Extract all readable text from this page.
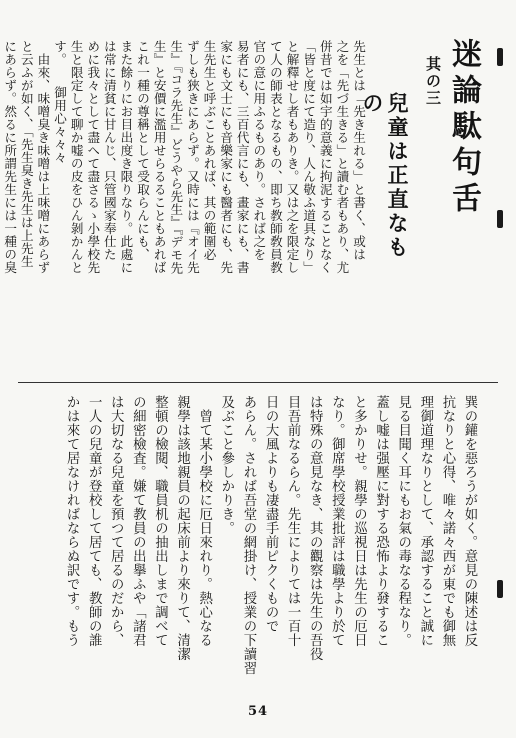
迷論駄句舌 其の三
兒童は正直なもの

巽の鑵を惡ろうが如く。意見の陳述は反

抗なりと心得、唯々諾々西が東でも御無

理御道理なりとして、承認すること誠に

見る目聞く耳にもお氣の毒なる程なり。

蓋し嘘は强壓に對する恐怖より發するこ

と多かりせ。親學の巡視日は先生の厄日

なり。御席學校授業批評は職學より於て

は特殊の意見なき、其の觀察は先生の吾役

目吾前なるらん。先生によりては一百十

日の大風よりも凄盡手前ピクくもので

あらん。されば吾堂の網掛け、授業の下讀習

及ぶこと參しかりき。

　曾て某小學校に厄日來れり。熱心なる

親學は該地親員の起床前より來りて、清潔

整頓の檢閱、職員机の抽出しまで調べて

の細密檢査。嫌て教員の出擧ふや「諸君

は大切なる兒童を預つて居るのだから、

一人の兒童が登校して居ても、教師の誰

かは來て居なければならぬ訳です。もう

54

先生とは「先き生れる」と書く、或は

之を「先づ生きる」と讀む者もあり、尤

併昔では如宇的意義に拘泥することなく

「皆と度にて造り、人ん敬ふ道具なり」

と解釋せし者もありき。又は之を限定し

て人の師表となるもの、即ち教師敎員教

官の意に用ふるものあり。されば之を

易者にも、三百代言にも、畫家にも、書

家にも文士にも音樂家にも醫者にも、先

生先生と呼ぶことあれば、其の範圍必

ずしも狹きにあらず。又時には『オイ先

生』『コラ先生』どうやら先生』『デモ先

生』と安價に濫用せらるることもあれば

これ一種の尊稱として受取らんにも、

また餘りにお目出度き限りなり。此處に

は常に清貧に甘んじ、只管國家奉仕た

めに我々として盡へて盡さるゝ小學校先

生と限定して聊か嘘の皮をひん剝かんと

す。　　御用心々々々

　由來、味噌臭き味噌は上味噌にあらず

と云ふが如く、「先生臭き先生は上先生

にあらず。然るに所謂先生には一種の臭
